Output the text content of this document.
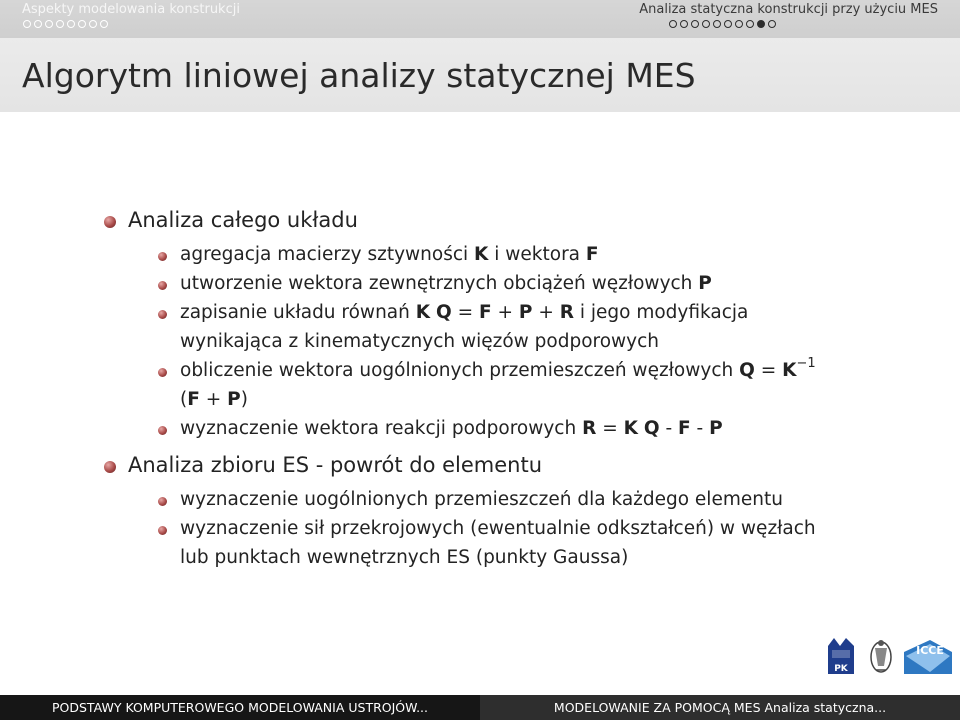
Aspekty modelowania konstrukcji	Analiza statyczna konstrukcji przy użyciu MES
Algorytm liniowej analizy statycznej MES
Analiza całego układu
agregacja macierzy sztywności K i wektora F
utworzenie wektora zewnętrznych obciążeń węzłowych P
zapisanie układu równań K Q = F + P + R i jego modyfikacja
wynikająca z kinematycznych więzów podporowych
obliczenie wektora uogólnionych przemieszczeń węzłowych $Q = K^{-1}$
(F + P)
wyznaczenie wektora reakcji podporowych R = K Q - F - P
Analiza zbioru ES - powrót do elementu
wyznaczenie uogólnionych przemieszczeń dla każdego elementu
wyznaczenie sił przekrojowych (ewentualnie odkształceń) w węzłach
lub punktach wewnętrznych ES (punkty Gaussa)
PK
ICCE
PODSTAWY KOMPUTEROWEGO MODELOWANIA USTROJÓW...	MODELOWANIE ZA POMOCĄ MES Analiza statyczna...
